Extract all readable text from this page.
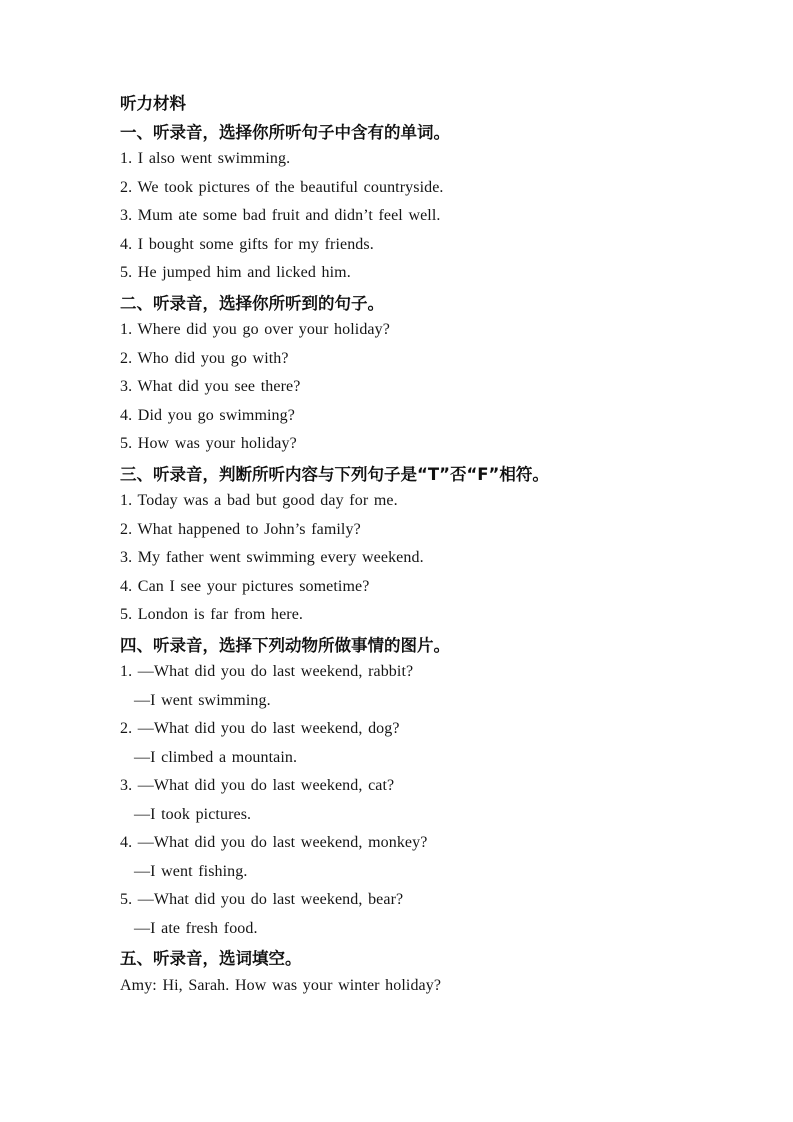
听力材料
一、听录音，选择你所听句子中含有的单词。
1. I also went swimming.
2. We took pictures of the beautiful countryside.
3. Mum ate some bad fruit and didn’t feel well.
4. I bought some gifts for my friends.
5. He jumped him and licked him.
二、听录音，选择你所听到的句子。
1. Where did you go over your holiday?
2. Who did you go with?
3. What did you see there?
4. Did you go swimming?
5. How was your holiday?
三、听录音，判断所听内容与下列句子是“T”否“F”相符。
1. Today was a bad but good day for me.
2. What happened to John’s family?
3. My father went swimming every weekend.
4. Can I see your pictures sometime?
5. London is far from here.
四、听录音，选择下列动物所做事情的图片。
1. —What did you do last weekend, rabbit?
—I went swimming.
2. —What did you do last weekend, dog?
—I climbed a mountain.
3. —What did you do last weekend, cat?
—I took pictures.
4. —What did you do last weekend, monkey?
—I went fishing.
5. —What did you do last weekend, bear?
—I ate fresh food.
五、听录音，选词填空。
Amy: Hi, Sarah. How was your winter holiday?
